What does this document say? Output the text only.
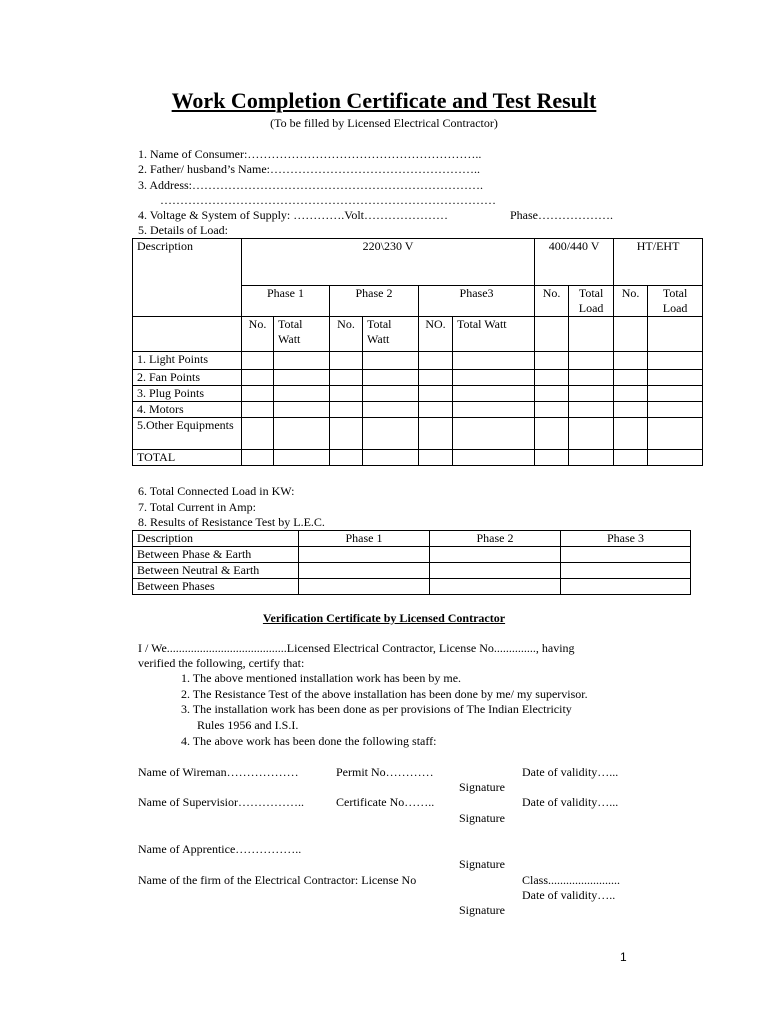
Work Completion Certificate and Test Result
(To be filled by Licensed Electrical Contractor)
1. Name of Consumer:…………………………………………………..
2. Father/ husband’s Name:……………………………………………..
3. Address:……………………………………………………………….
…………………………………………………………………………
4. Voltage & System of Supply: ………….Volt…………………	Phase……………….
5. Details of Load:
Description	220\230 V						400/440 V		HT/EHT	
	Phase 1		Phase 2		Phase3		No.	Total Load	No.	Total Load
	No.	Total Watt	No.	Total Watt	NO.	Total Watt				
1. Light Points										
2. Fan Points										
3. Plug Points										
4. Motors										
5.Other Equipments										
TOTAL										
6. Total Connected Load in KW:
7. Total Current in Amp:
8. Results of Resistance Test by L.E.C.
Description	Phase 1	Phase 2	Phase 3
Between Phase & Earth			
Between Neutral & Earth			
Between Phases			
Verification Certificate by Licensed Contractor
I / We........................................Licensed Electrical Contractor, License No.............., having
verified the following, certify that:
1. The above mentioned installation work has been by me.
2. The Resistance Test of the above installation has been done by me/ my supervisor.
3. The installation work has been done as per provisions of The Indian Electricity
Rules 1956 and I.S.I.
4. The above work has been done the following staff:
Name of Wireman………………	Permit No…………	Date of validity…...
Signature
Name of Supervisior……………..	Certificate No……..	Date of validity…...
Signature
Name of Apprentice……………..
Signature
Name of the firm of the Electrical Contractor: License No	Class........................
Date of validity…..
Signature
1
